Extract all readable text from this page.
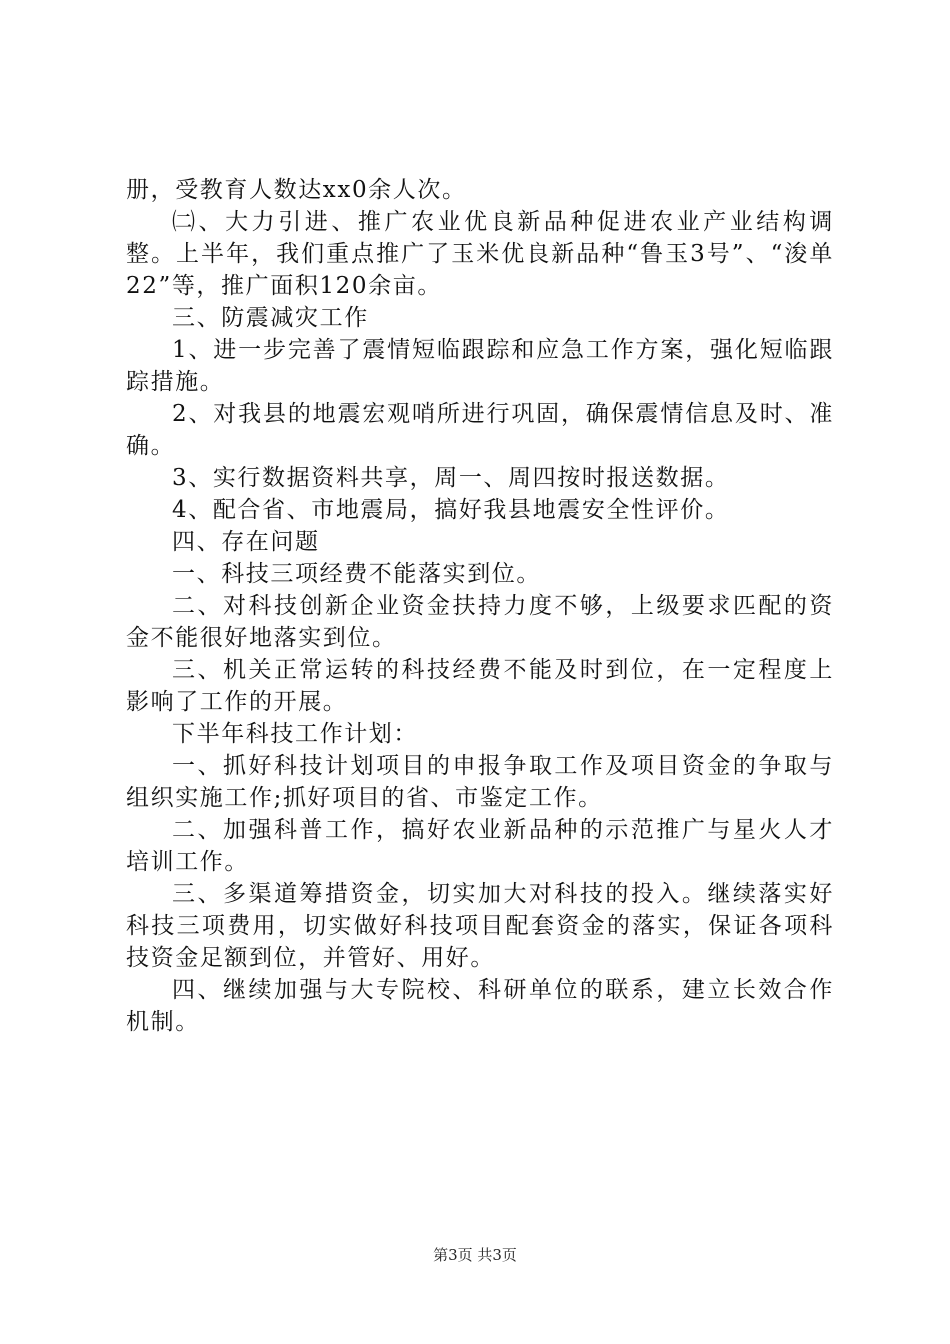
册，受教育人数达xx0余人次。

㈡、大力引进、推广农业优良新品种促进农业产业结构调整。上半年，我们重点推广了玉米优良新品种“鲁玉3号”、“浚单22”等，推广面积120余亩。

三、防震减灾工作

1、进一步完善了震情短临跟踪和应急工作方案，强化短临跟踪措施。

2、对我县的地震宏观哨所进行巩固，确保震情信息及时、准确。

3、实行数据资料共享，周一、周四按时报送数据。

4、配合省、市地震局，搞好我县地震安全性评价。

四、存在问题

一、科技三项经费不能落实到位。

二、对科技创新企业资金扶持力度不够，上级要求匹配的资金不能很好地落实到位。

三、机关正常运转的科技经费不能及时到位，在一定程度上影响了工作的开展。

下半年科技工作计划：

一、抓好科技计划项目的申报争取工作及项目资金的争取与组织实施工作;抓好项目的省、市鉴定工作。

二、加强科普工作，搞好农业新品种的示范推广与星火人才培训工作。

三、多渠道筹措资金，切实加大对科技的投入。继续落实好科技三项费用，切实做好科技项目配套资金的落实，保证各项科技资金足额到位，并管好、用好。

四、继续加强与大专院校、科研单位的联系，建立长效合作机制。

第3页 共3页
